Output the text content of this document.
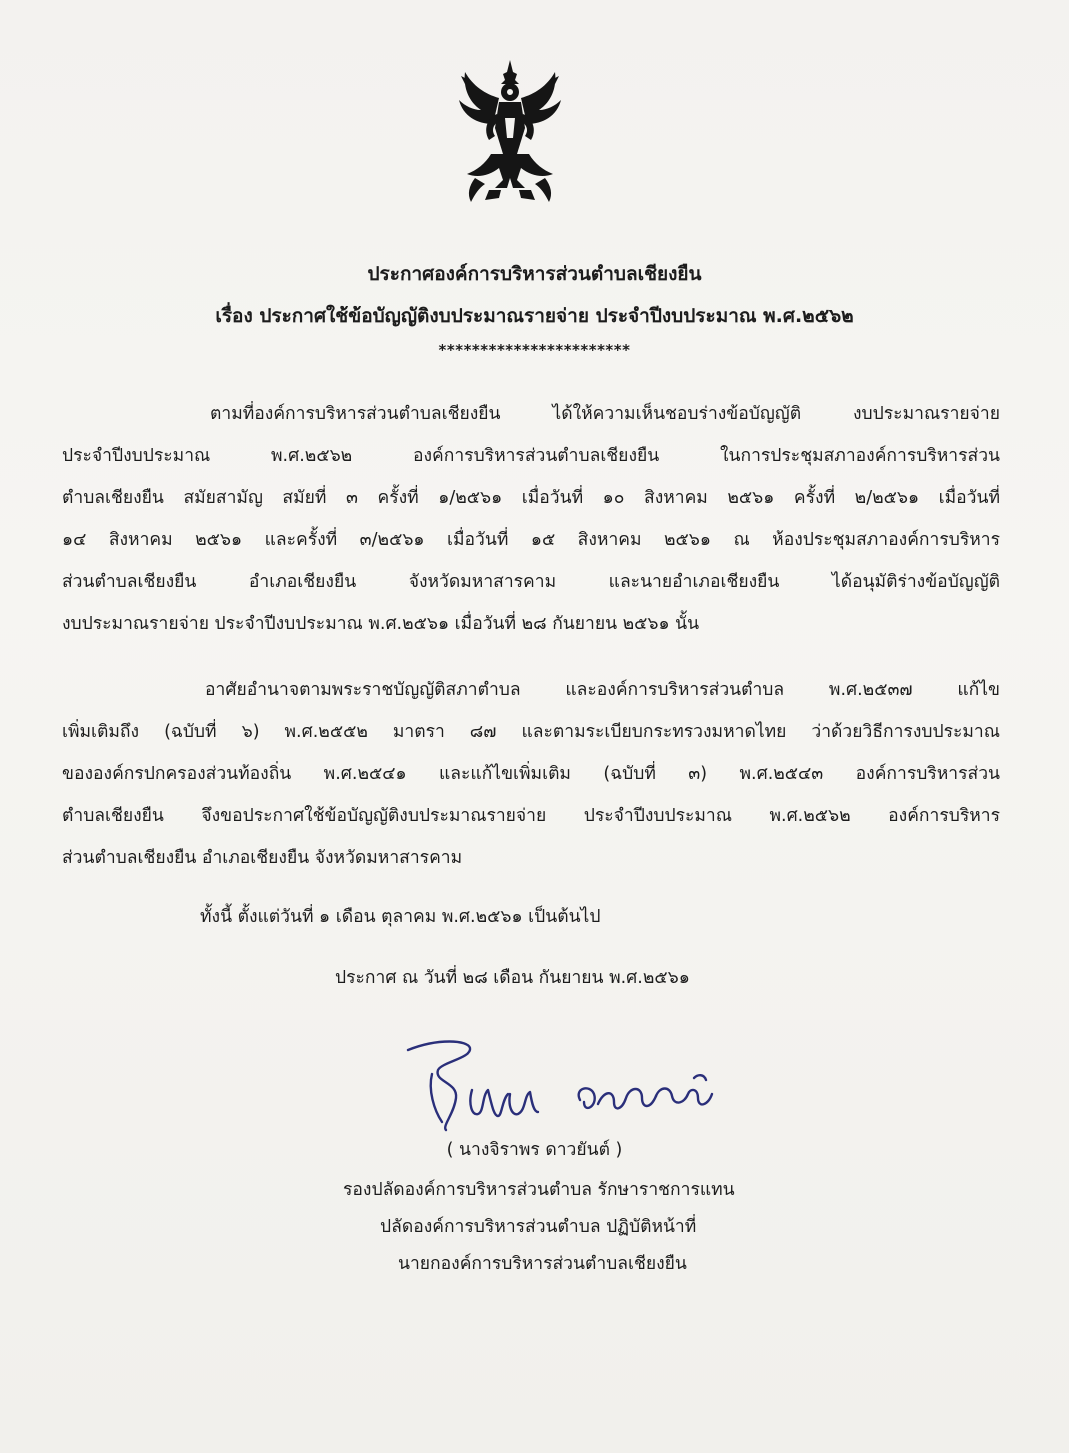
ประกาศองค์การบริหารส่วนตำบลเชียงยืน
เรื่อง ประกาศใช้ข้อบัญญัติงบประมาณรายจ่าย ประจำปีงบประมาณ พ.ศ.๒๕๖๒
***********************
ตามที่องค์การบริหารส่วนตำบลเชียงยืน ได้ให้ความเห็นชอบร่างข้อบัญญัติ งบประมาณรายจ่าย
ประจำปีงบประมาณ พ.ศ.๒๕๖๒ องค์การบริหารส่วนตำบลเชียงยืน ในการประชุมสภาองค์การบริหารส่วน
ตำบลเชียงยืน สมัยสามัญ สมัยที่ ๓ ครั้งที่ ๑/๒๕๖๑ เมื่อวันที่ ๑๐ สิงหาคม ๒๕๖๑ ครั้งที่ ๒/๒๕๖๑ เมื่อวันที่
๑๔ สิงหาคม ๒๕๖๑ และครั้งที่ ๓/๒๕๖๑ เมื่อวันที่ ๑๕ สิงหาคม ๒๕๖๑ ณ ห้องประชุมสภาองค์การบริหาร
ส่วนตำบลเชียงยืน อำเภอเชียงยืน จังหวัดมหาสารคาม และนายอำเภอเชียงยืน ได้อนุมัติร่างข้อบัญญัติ
งบประมาณรายจ่าย ประจำปีงบประมาณ พ.ศ.๒๕๖๑ เมื่อวันที่ ๒๘ กันยายน ๒๕๖๑ นั้น
อาศัยอำนาจตามพระราชบัญญัติสภาตำบล และองค์การบริหารส่วนตำบล พ.ศ.๒๕๓๗ แก้ไข
เพิ่มเติมถึง (ฉบับที่ ๖) พ.ศ.๒๕๕๒ มาตรา ๘๗ และตามระเบียบกระทรวงมหาดไทย ว่าด้วยวิธีการงบประมาณ
ขององค์กรปกครองส่วนท้องถิ่น พ.ศ.๒๕๔๑ และแก้ไขเพิ่มเติม (ฉบับที่ ๓) พ.ศ.๒๕๔๓ องค์การบริหารส่วน
ตำบลเชียงยืน จึงขอประกาศใช้ข้อบัญญัติงบประมาณรายจ่าย ประจำปีงบประมาณ พ.ศ.๒๕๖๒ องค์การบริหาร
ส่วนตำบลเชียงยืน อำเภอเชียงยืน จังหวัดมหาสารคาม
ทั้งนี้ ตั้งแต่วันที่ ๑ เดือน ตุลาคม พ.ศ.๒๕๖๑ เป็นต้นไป
ประกาศ ณ วันที่ ๒๘ เดือน กันยายน พ.ศ.๒๕๖๑
( นางจิราพร ดาวยันต์ )
รองปลัดองค์การบริหารส่วนตำบล รักษาราชการแทน
ปลัดองค์การบริหารส่วนตำบล ปฏิบัติหน้าที่
นายกองค์การบริหารส่วนตำบลเชียงยืน
